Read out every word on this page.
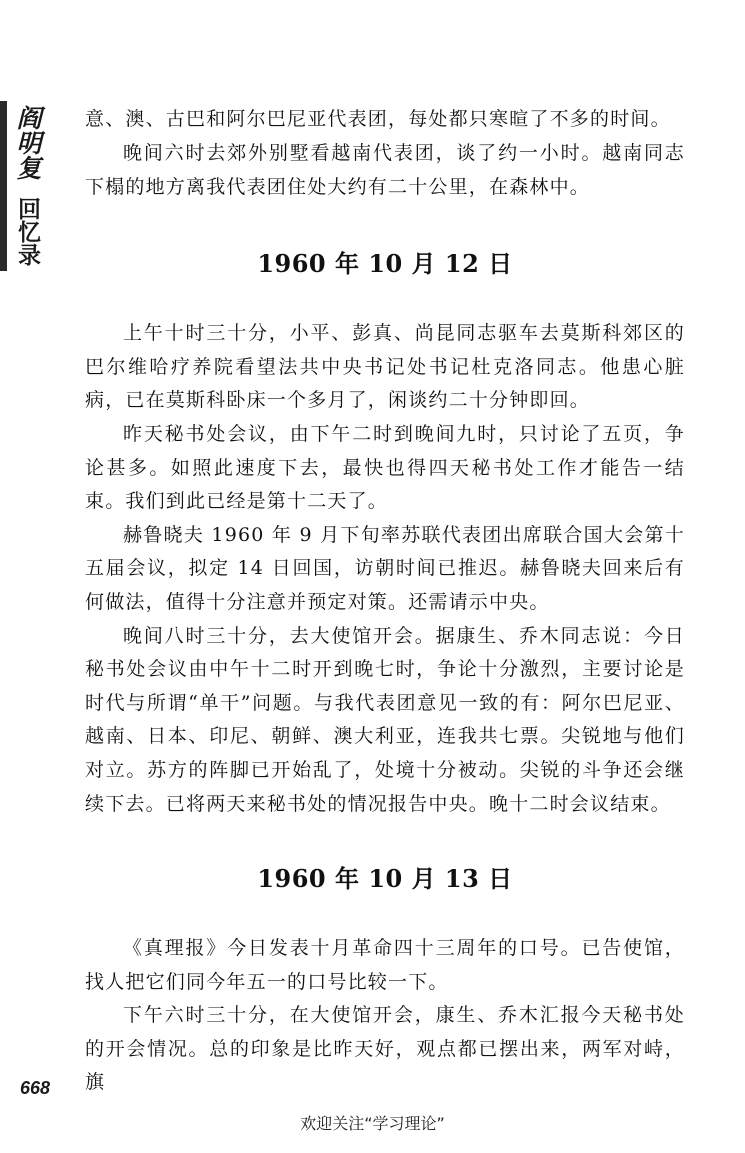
阎明复
回忆录

意、澳、古巴和阿尔巴尼亚代表团，每处都只寒暄了不多的时间。

晚间六时去郊外别墅看越南代表团，谈了约一小时。越南同志下榻的地方离我代表团住处大约有二十公里，在森林中。

1960 年 10 月 12 日

上午十时三十分，小平、彭真、尚昆同志驱车去莫斯科郊区的巴尔维哈疗养院看望法共中央书记处书记杜克洛同志。他患心脏病，已在莫斯科卧床一个多月了，闲谈约二十分钟即回。

昨天秘书处会议，由下午二时到晚间九时，只讨论了五页，争论甚多。如照此速度下去，最快也得四天秘书处工作才能告一结束。我们到此已经是第十二天了。

赫鲁晓夫 1960 年 9 月下旬率苏联代表团出席联合国大会第十五届会议，拟定 14 日回国，访朝时间已推迟。赫鲁晓夫回来后有何做法，值得十分注意并预定对策。还需请示中央。

晚间八时三十分，去大使馆开会。据康生、乔木同志说：今日秘书处会议由中午十二时开到晚七时，争论十分激烈，主要讨论是时代与所谓“单干”问题。与我代表团意见一致的有：阿尔巴尼亚、越南、日本、印尼、朝鲜、澳大利亚，连我共七票。尖锐地与他们对立。苏方的阵脚已开始乱了，处境十分被动。尖锐的斗争还会继续下去。已将两天来秘书处的情况报告中央。晚十二时会议结束。

1960 年 10 月 13 日

《真理报》今日发表十月革命四十三周年的口号。已告使馆，找人把它们同今年五一的口号比较一下。

下午六时三十分，在大使馆开会，康生、乔木汇报今天秘书处的开会情况。总的印象是比昨天好，观点都已摆出来，两军对峙，旗

668
欢迎关注“学习理论”
